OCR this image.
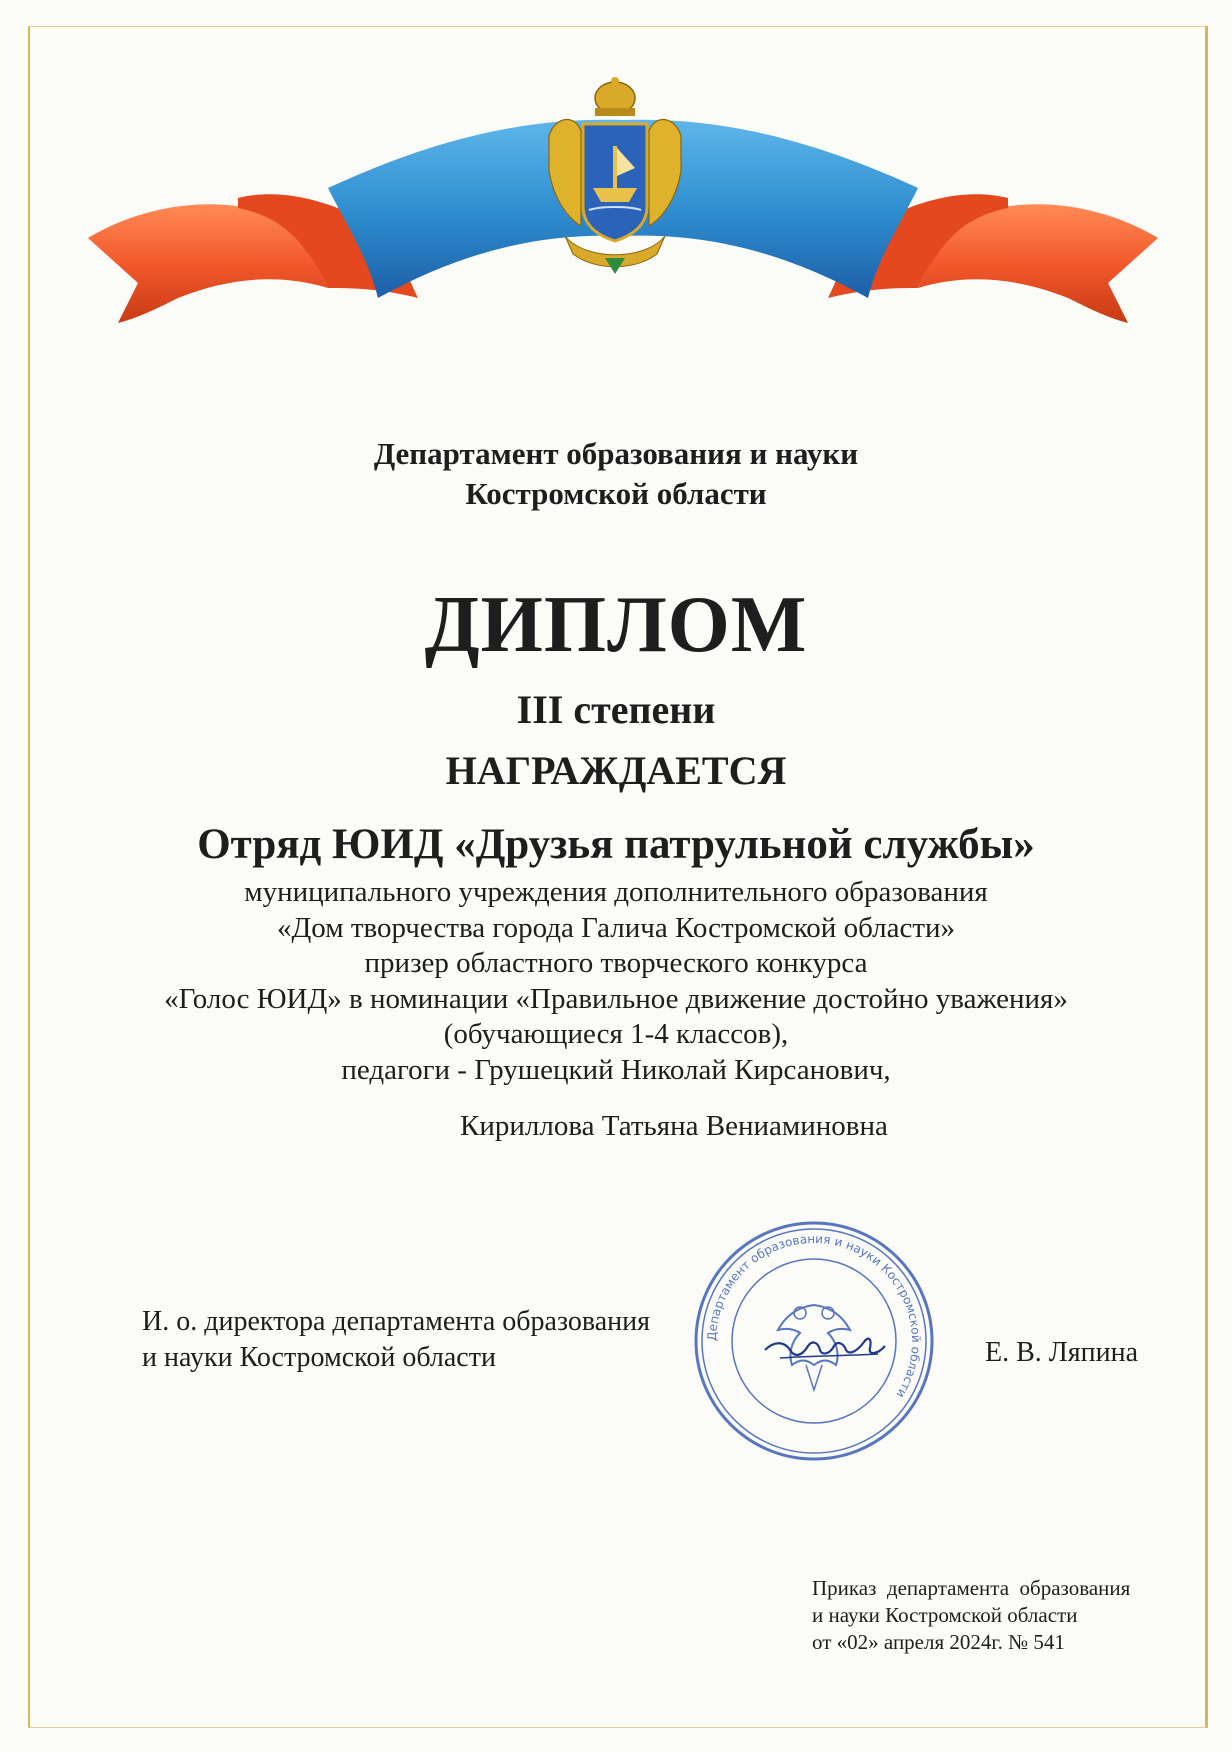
Департамент образования и науки
Костромской области
ДИПЛОМ
III степени
НАГРАЖДАЕТСЯ
Отряд ЮИД «Друзья патрульной службы»
муниципального учреждения дополнительного образования
«Дом творчества города Галича Костромской области»
призер областного творческого конкурса
«Голос ЮИД» в номинации «Правильное движение достойно уважения»
(обучающиеся 1-4 классов),
педагоги - Грушецкий Николай Кирсанович,
Кириллова Татьяна Вениаминовна
И. о. директора департамента образования
и науки Костромской области
Департамент образования и науки Костромской области
Е. В. Ляпина
Приказ  департамента  образования
и науки Костромской области
от «02» апреля 2024г. № 541
